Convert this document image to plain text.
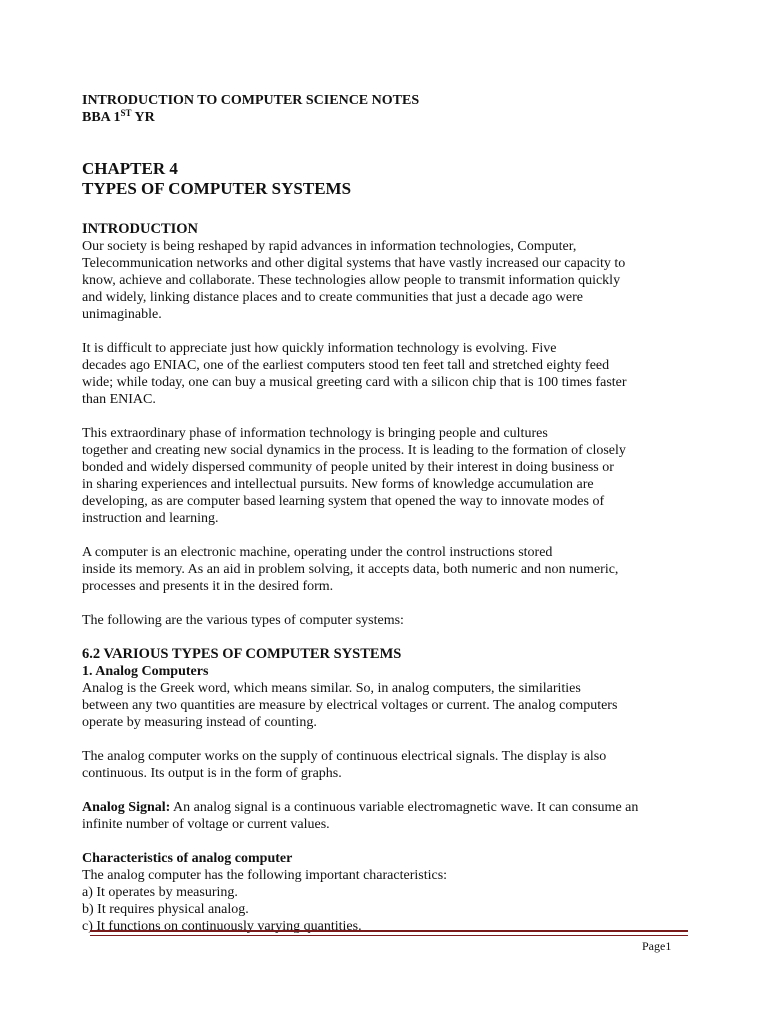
INTRODUCTION TO COMPUTER SCIENCE NOTES

BBA 1ST YR

CHAPTER 4

TYPES OF COMPUTER SYSTEMS

INTRODUCTION

Our society is being reshaped by rapid advances in information technologies, Computer,
Telecommunication networks and other digital systems that have vastly increased our capacity to
know, achieve and collaborate. These technologies allow people to transmit information quickly
and widely, linking distance places and to create communities that just a decade ago were
unimaginable.

It is difficult to appreciate just how quickly information technology is evolving. Five
decades ago ENIAC, one of the earliest computers stood ten feet tall and stretched eighty feed
wide; while today, one can buy a musical greeting card with a silicon chip that is 100 times faster
than ENIAC.

This extraordinary phase of information technology is bringing people and cultures
together and creating new social dynamics in the process. It is leading to the formation of closely
bonded and widely dispersed community of people united by their interest in doing business or
in sharing experiences and intellectual pursuits. New forms of knowledge accumulation are
developing, as are computer based learning system that opened the way to innovate modes of
instruction and learning.

A computer is an electronic machine, operating under the control instructions stored
inside its memory. As an aid in problem solving, it accepts data, both numeric and non numeric,
processes and presents it in the desired form.

The following are the various types of computer systems:

6.2 VARIOUS TYPES OF COMPUTER SYSTEMS

1. Analog Computers

Analog is the Greek word, which means similar. So, in analog computers, the similarities
between any two quantities are measure by electrical voltages or current. The analog computers
operate by measuring instead of counting.

The analog computer works on the supply of continuous electrical signals. The display is also
continuous. Its output is in the form of graphs.

Analog Signal: An analog signal is a continuous variable electromagnetic wave. It can consume an
infinite number of voltage or current values.

Characteristics of analog computer

The analog computer has the following important characteristics:

a) It operates by measuring.
b) It requires physical analog.
c) It functions on continuously varying quantities.
Page1
